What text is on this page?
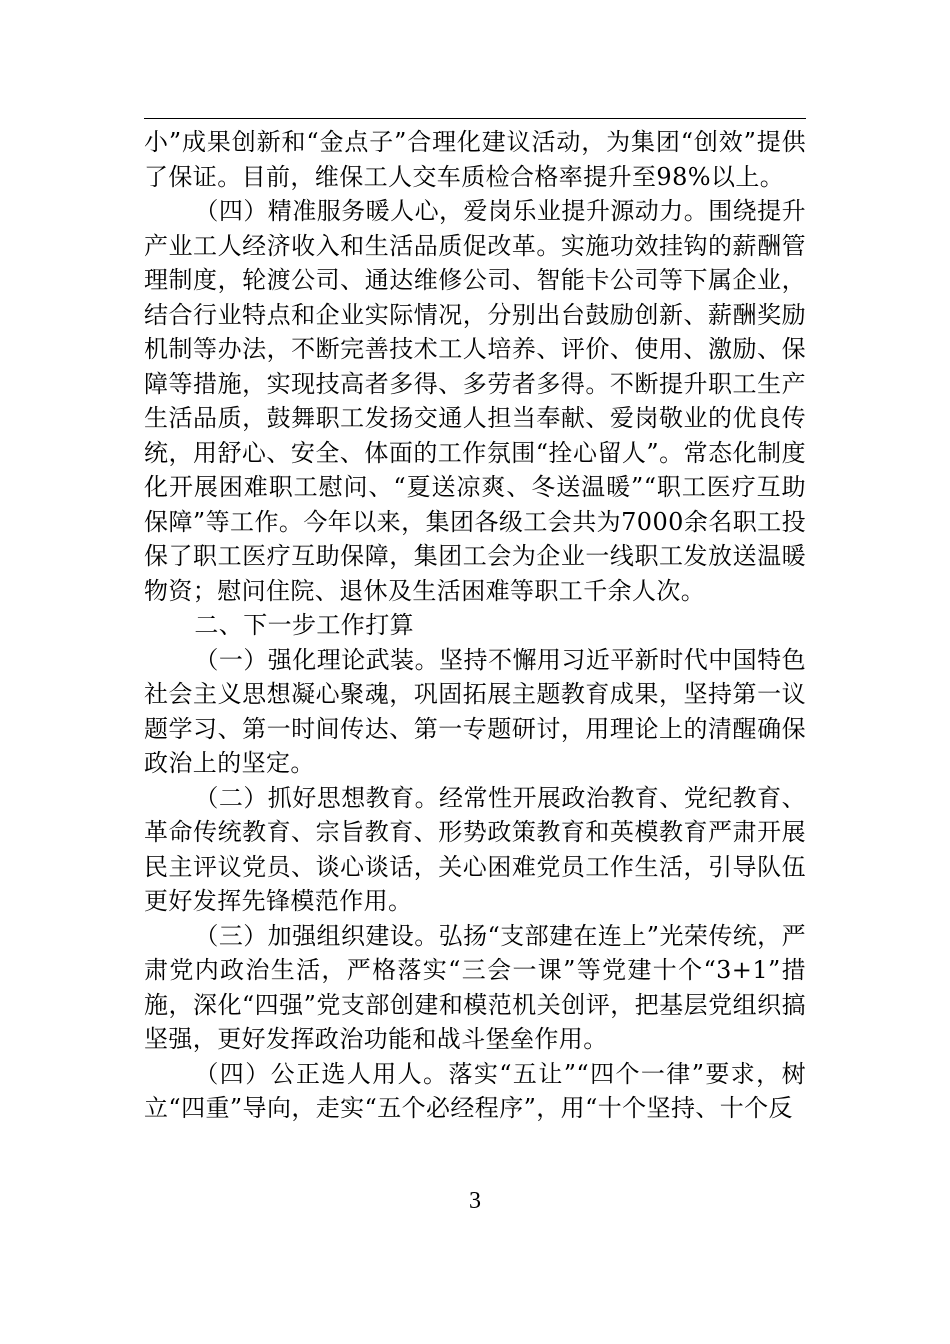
小”成果创新和“金点子”合理化建议活动，为集团“创效”提供了保证。目前，维保工人交车质检合格率提升至98%以上。

（四）精准服务暖人心，爱岗乐业提升源动力。围绕提升产业工人经济收入和生活品质促改革。实施功效挂钩的薪酬管理制度，轮渡公司、通达维修公司、智能卡公司等下属企业，结合行业特点和企业实际情况，分别出台鼓励创新、薪酬奖励机制等办法，不断完善技术工人培养、评价、使用、激励、保障等措施，实现技高者多得、多劳者多得。不断提升职工生产生活品质，鼓舞职工发扬交通人担当奉献、爱岗敬业的优良传统，用舒心、安全、体面的工作氛围“拴心留人”。常态化制度化开展困难职工慰问、“夏送凉爽、冬送温暖”“职工医疗互助保障”等工作。今年以来，集团各级工会共为7000余名职工投保了职工医疗互助保障，集团工会为企业一线职工发放送温暖物资；慰问住院、退休及生活困难等职工千余人次。

二、下一步工作打算

（一）强化理论武装。坚持不懈用习近平新时代中国特色社会主义思想凝心聚魂，巩固拓展主题教育成果，坚持第一议题学习、第一时间传达、第一专题研讨，用理论上的清醒确保政治上的坚定。

（二）抓好思想教育。经常性开展政治教育、党纪教育、革命传统教育、宗旨教育、形势政策教育和英模教育严肃开展民主评议党员、谈心谈话，关心困难党员工作生活，引导队伍更好发挥先锋模范作用。

（三）加强组织建设。弘扬“支部建在连上”光荣传统，严肃党内政治生活，严格落实“三会一课”等党建十个“3+1”措施，深化“四强”党支部创建和模范机关创评，把基层党组织搞坚强，更好发挥政治功能和战斗堡垒作用。

（四）公正选人用人。落实“五让”“四个一律”要求，树立“四重”导向，走实“五个必经程序”，用“十个坚持、十个反

3
